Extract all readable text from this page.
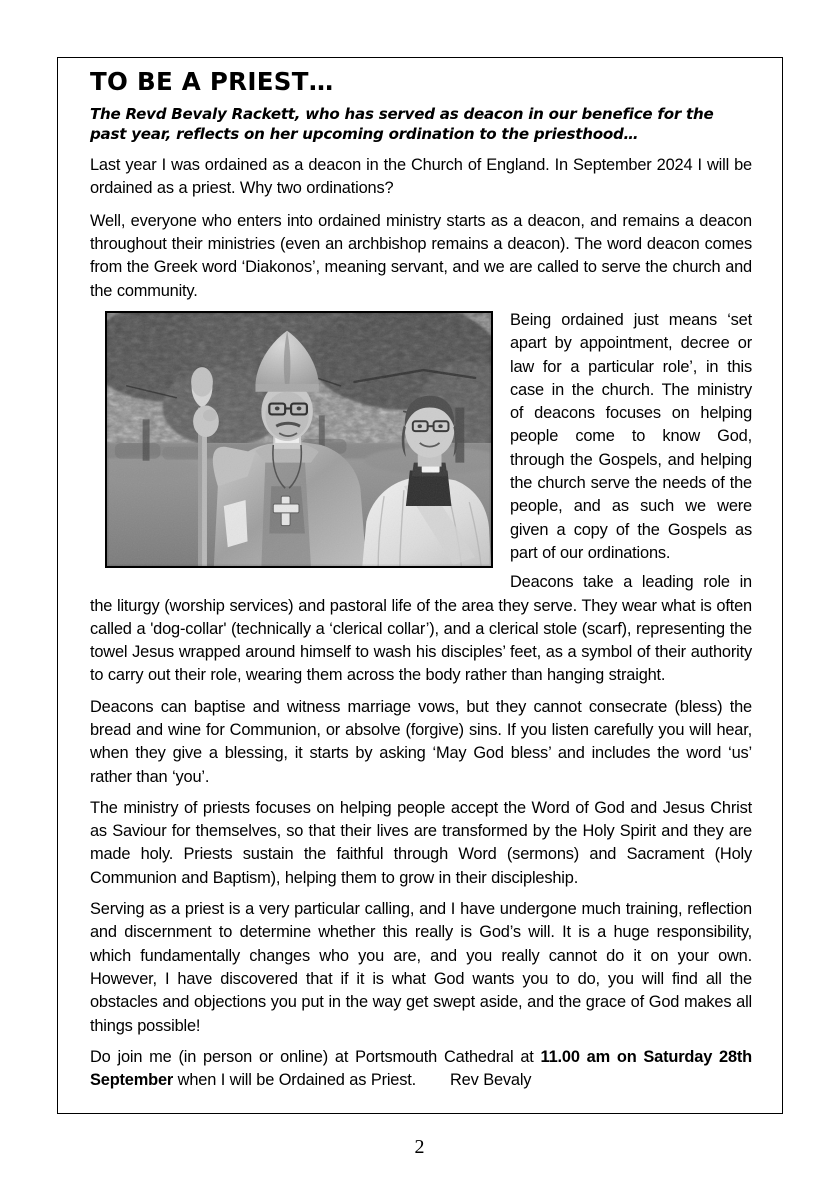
TO BE A PRIEST…

The Revd Bevaly Rackett, who has served as deacon in our benefice for the past year, reflects on her upcoming ordination to the priesthood…

Last year I was ordained as a deacon in the Church of England. In September 2024 I will be ordained as a priest. Why two ordinations?

Well, everyone who enters into ordained ministry starts as a deacon, and remains a deacon throughout their ministries (even an archbishop remains a deacon). The word deacon comes from the Greek word ‘Diakonos’, meaning servant, and we are called to serve the church and the community.

Being ordained just means ‘set apart by appointment, decree or law for a particular role’, in this case in the church. The ministry of deacons focuses on helping people come to know God, through the Gospels, and helping the church serve the needs of the people, and as such we were given a copy of the Gospels as part of our ordinations.

Deacons take a leading role in the liturgy (worship services) and pastoral life of the area they serve. They wear what is often called a 'dog-collar' (technically a ‘clerical collar’), and a clerical stole (scarf), representing the towel Jesus wrapped around himself to wash his disciples’ feet, as a symbol of their authority to carry out their role, wearing them across the body rather than hanging straight.

Deacons can baptise and witness marriage vows, but they cannot consecrate (bless) the bread and wine for Communion, or absolve (forgive) sins. If you listen carefully you will hear, when they give a blessing, it starts by asking ‘May God bless’ and includes the word ‘us’ rather than ‘you’.

The ministry of priests focuses on helping people accept the Word of God and Jesus Christ as Saviour for themselves, so that their lives are transformed by the Holy Spirit and they are made holy. Priests sustain the faithful through Word (sermons) and Sacrament (Holy Communion and Baptism), helping them to grow in their discipleship.

Serving as a priest is a very particular calling, and I have undergone much training, reflection and discernment to determine whether this really is God’s will. It is a huge responsibility, which fundamentally changes who you are, and you really cannot do it on your own. However, I have discovered that if it is what God wants you to do, you will find all the obstacles and objections you put in the way get swept aside, and the grace of God makes all things possible!

Do join me (in person or online) at Portsmouth Cathedral at 11.00 am on Saturday 28th September when I will be Ordained as Priest. Rev Bevaly

2
